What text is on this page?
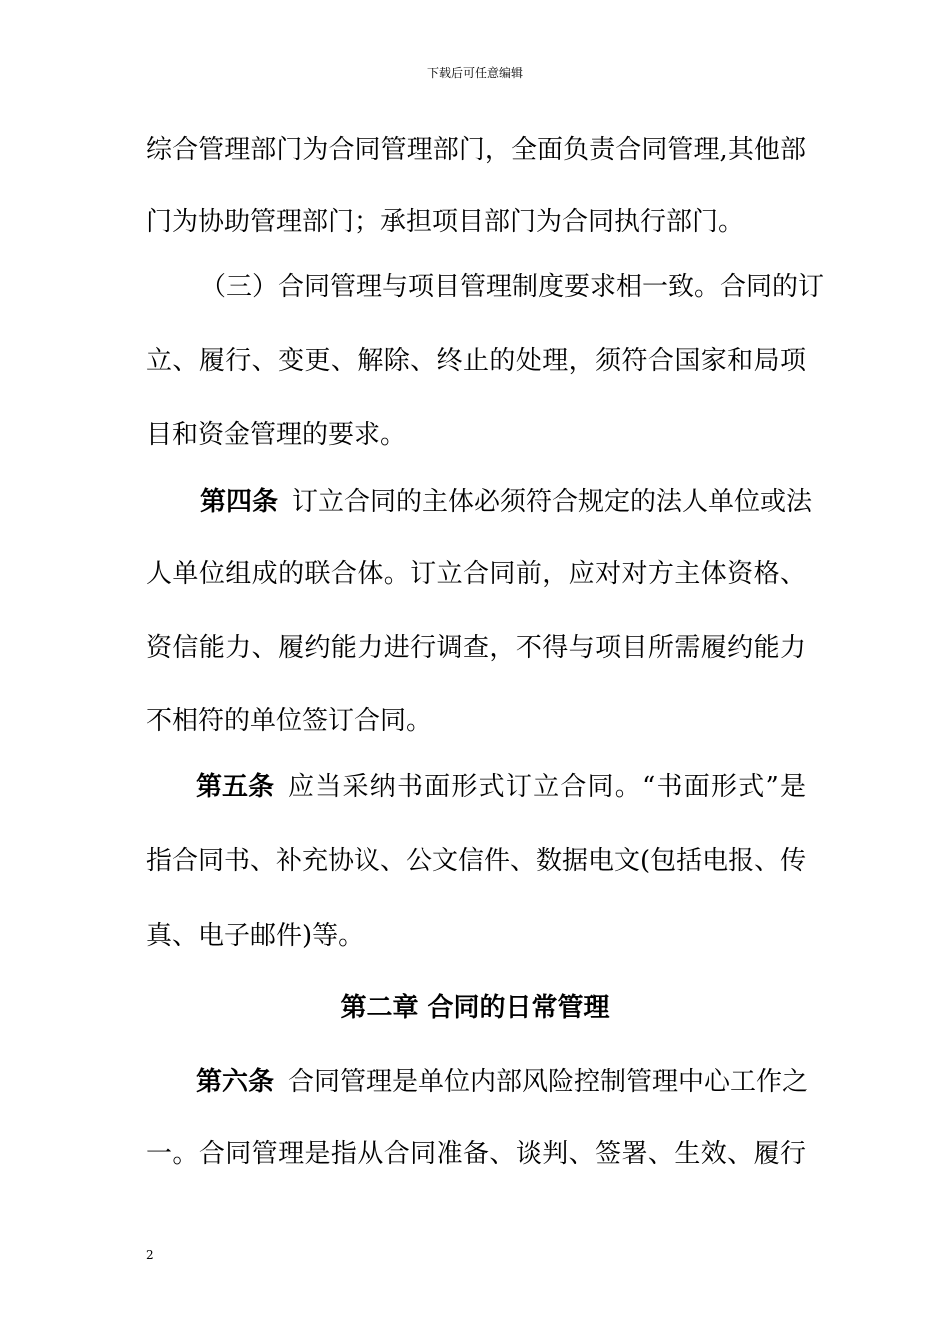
下载后可任意编辑
综合管理部门为合同管理部门，全面负责合同管理,其他部
门为协助管理部门；承担项目部门为合同执行部门。
（三）合同管理与项目管理制度要求相一致。合同的订
立、履行、变更、解除、终止的处理，须符合国家和局项
目和资金管理的要求。
第四条 订立合同的主体必须符合规定的法人单位或法
人单位组成的联合体。订立合同前，应对对方主体资格、
资信能力、履约能力进行调查，不得与项目所需履约能力
不相符的单位签订合同。
第五条 应当采纳书面形式订立合同。“书面形式”是
指合同书、补充协议、公文信件、数据电文(包括电报、传
真、电子邮件)等。
第二章 合同的日常管理
第六条 合同管理是单位内部风险控制管理中心工作之
一。合同管理是指从合同准备、谈判、签署、生效、履行
2
